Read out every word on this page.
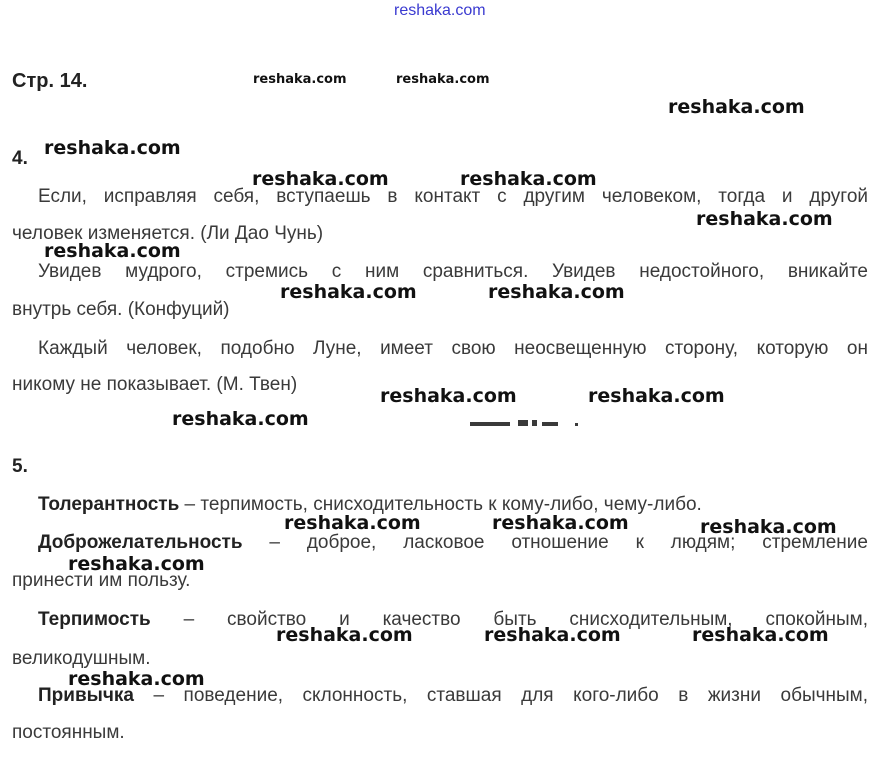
reshaka.com
Стр. 14.
4.
Если, исправляя себя, вступаешь в контакт с другим человеком, тогда и другой
человек изменяется. (Ли Дао Чунь)
Увидев мудрого, стремись с ним сравниться. Увидев недостойного, вникайте
внутрь себя. (Конфуций)
Каждый человек, подобно Луне, имеет свою неосвещенную сторону, которую он
никому не показывает. (М. Твен)
5.
Толерантность – терпимость, снисходительность к кому-либо, чему-либо.
Доброжелательность – доброе, ласковое отношение к людям; стремление
принести им пользу.
Терпимость – свойство и качество быть снисходительным, спокойным,
великодушным.
Привычка – поведение, склонность, ставшая для кого-либо в жизни обычным,
постоянным.
reshaka.com	reshaka.com
reshaka.com
reshaka.com
reshaka.com	reshaka.com
reshaka.com
reshaka.com
reshaka.com	reshaka.com
reshaka.com	reshaka.com
reshaka.com
reshaka.com	reshaka.com	reshaka.com
reshaka.com
reshaka.com	reshaka.com	reshaka.com
reshaka.com
